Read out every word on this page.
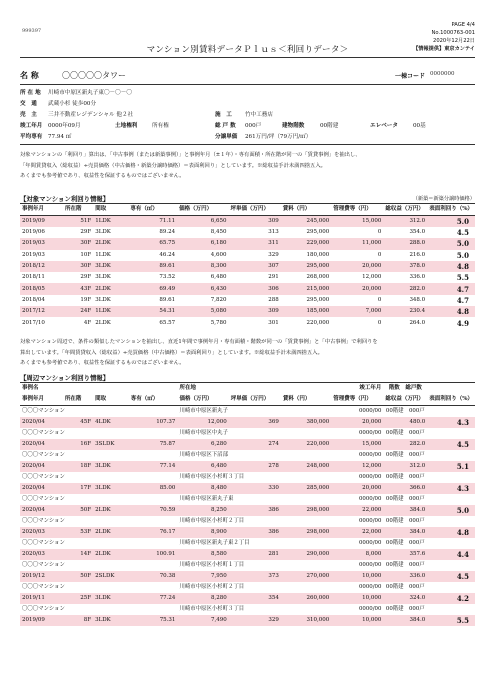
999397
PAGE 4/4
No.1000763-001
2020年12月22日
【情報提供】東京カンテイ
マンション別賃料データＰｌｕｓ＜利回りデータ＞
名 称	〇〇〇〇〇タワー	一棟コード 0000000
所 在 地 川崎市中原区新丸子東〇－〇－〇
交　通 武蔵小杉 徒歩00分
売　主 三井不動産レジデンシャル 他２社	施　工 竹中工務店
竣工年月 0000年09月	土地権利	所有権	総 戸 数 000戸	建物階数	00階建	エレベータ	00基
平均専有 77.94 ㎡	分譲単価 261万円/坪（79万円/㎡）
対象マンションの「利回り」算出は、「中古事例（または新築事例）」と事例年月（±１年）・専有面積・所在階が同一の「賃貸事例」を抽出し、
「年間賃貸収入（総収益）÷売買価格（中古価格・新築分譲時価格）＝表面利回り」としています。※総収益手計未満四捨五入。
あくまでも参考値であり、収益性を保証するものではございません。
【対象マンション利回り情報】	（新築＝新築分譲時価格）
事例年月	所在階	間取	専有（㎡）	価格（万円）	坪単価（万円）	賃料（円）	管理費等（円）	総収益（万円）	表面利回り（%）
2019/09	51F	1LDK	71.11	6,650	309	245,000	15,000	312.0	5.0
2019/06	29F	3LDK	89.24	8,450	313	295,000	0	354.0	4.5
2019/03	30F	2LDK	65.75	6,180	311	229,000	11,000	288.0	5.0
2019/03	10F	1LDK	46.24	4,600	329	180,000	0	216.0	5.0
2018/12	30F	3LDK	89.61	8,300	307	295,000	20,000	378.0	4.8
2018/11	29F	3LDK	73.52	6,480	291	268,000	12,000	336.0	5.5
2018/05	43F	2LDK	69.49	6,430	306	215,000	20,000	282.0	4.7
2018/04	19F	3LDK	89.61	7,820	288	295,000	0	348.0	4.7
2017/12	24F	1LDK	54.31	5,080	309	185,000	7,000	230.4	4.8
2017/10	4F	2LDK	65.57	5,780	301	220,000	0	264.0	4.9
対象マンション周辺で、条件の類似したマンションを抽出し、直近1年間で事例年月・専有面積・階数が同一の「賃貸事例」と「中古事例」で利回りを
算出しています。「年間賃貸収入（総収益）÷売買価格（中古価格）＝表面利回り」としています。※総収益手計未満四捨五入。
あくまでも参考値であり、収益性を保証するものではございません。
【周辺マンション利回り情報】
事例名				所在地			竣工年月	階数　 総戸数	
事例年月	所在階	間取	専有（㎡）	価格（万円）	坪単価（万円）	賃料（円）	管理費等（円）	総収益（万円）	表面利回り（%）
〇〇〇マンション				川崎市中原区新丸子			0000/00	00階建　 000戸	
2020/04	45F	4LDK	107.37	12,000	369	380,000	20,000	480.0	4.3
〇〇〇マンション				川崎市中原区中丸子			0000/00	00階建　 000戸	
2020/04	16F	3SLDK	75.87	6,280	274	220,000	15,000	282.0	4.5
〇〇〇マンション				川崎市中原区下沼部			0000/00	00階建　 000戸	
2020/04	18F	3LDK	77.14	6,480	278	248,000	12,000	312.0	5.1
〇〇〇マンション				川崎市中原区小杉町３丁目			0000/00	00階建　 000戸	
2020/04	17F	3LDK	85.00	8,480	330	285,000	20,000	366.0	4.3
〇〇〇マンション				川崎市中原区新丸子東			0000/00	00階建　 000戸	
2020/04	50F	2LDK	70.59	8,250	386	298,000	22,000	384.0	5.0
〇〇〇マンション				川崎市中原区小杉町２丁目			0000/00	00階建　 000戸	
2020/03	53F	2LDK	76.17	8,900	386	298,000	22,000	384.0	4.8
〇〇〇マンション				川崎市中原区新丸子東２丁目			0000/00	00階建　 000戸	
2020/03	14F	2LDK	100.91	8,580	281	290,000	8,000	357.6	4.4
〇〇〇マンション				川崎市中原区小杉町１丁目			0000/00	00階建　 000戸	
2019/12	50F	2SLDK	70.38	7,950	373	270,000	10,000	336.0	4.5
〇〇〇マンション				川崎市中原区小杉町２丁目			0000/00	00階建　 000戸	
2019/11	25F	3LDK	77.24	8,280	354	260,000	10,000	324.0	4.2
〇〇〇マンション				川崎市中原区小杉町３丁目			0000/00	00階建　 000戸	
2019/09	8F	3LDK	75.31	7,490	329	310,000	10,000	384.0	5.5
